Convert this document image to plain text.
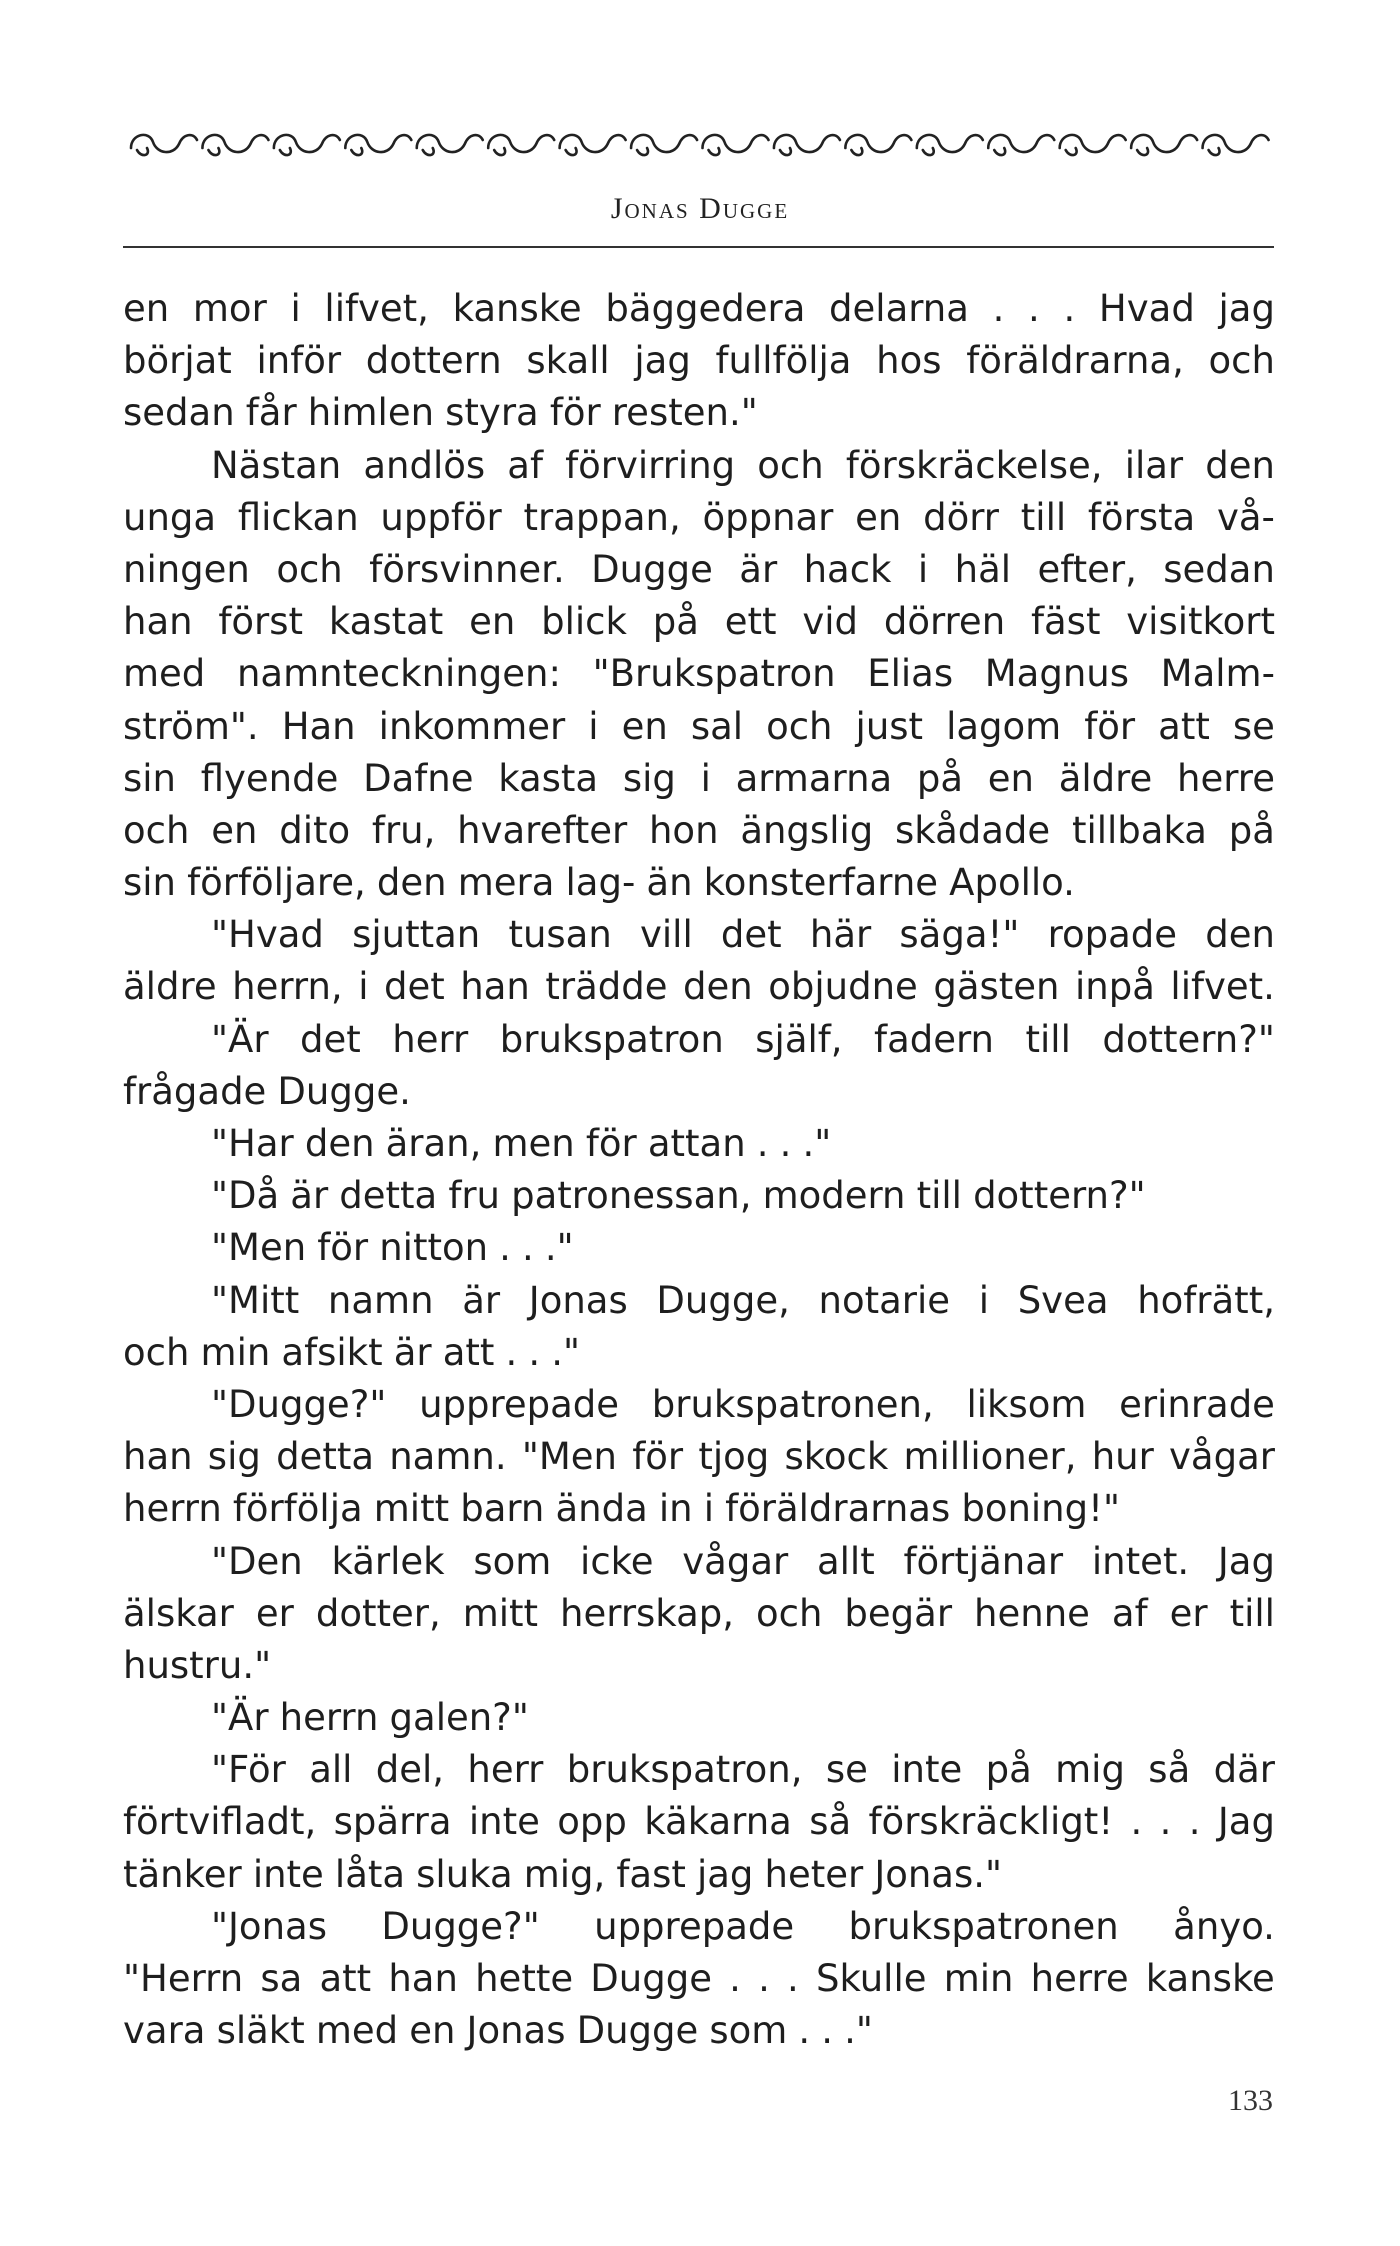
Jonas Dugge
en mor i lifvet, kanske bäggedera delarna . . . Hvad jag
börjat inför dottern skall jag fullfölja hos föräldrarna, och
sedan får himlen styra för resten."
Nästan andlös af förvirring och förskräckelse, ilar den
unga flickan uppför trappan, öppnar en dörr till första vå-
ningen och försvinner. Dugge är hack i häl efter, sedan
han först kastat en blick på ett vid dörren fäst visitkort
med namnteckningen: "Brukspatron Elias Magnus Malm-
ström". Han inkommer i en sal och just lagom för att se
sin flyende Dafne kasta sig i armarna på en äldre herre
och en dito fru, hvarefter hon ängslig skådade tillbaka på
sin förföljare, den mera lag- än konsterfarne Apollo.
"Hvad sjuttan tusan vill det här säga!" ropade den
äldre herrn, i det han trädde den objudne gästen inpå lifvet.
"Är det herr brukspatron själf, fadern till dottern?"
frågade Dugge.
"Har den äran, men för attan . . ."
"Då är detta fru patronessan, modern till dottern?"
"Men för nitton . . ."
"Mitt namn är Jonas Dugge, notarie i Svea hofrätt,
och min afsikt är att . . ."
"Dugge?" upprepade brukspatronen, liksom erinrade
han sig detta namn. "Men för tjog skock millioner, hur vågar
herrn förfölja mitt barn ända in i föräldrarnas boning!"
"Den kärlek som icke vågar allt förtjänar intet. Jag
älskar er dotter, mitt herrskap, och begär henne af er till
hustru."
"Är herrn galen?"
"För all del, herr brukspatron, se inte på mig så där
förtvifladt, spärra inte opp käkarna så förskräckligt! . . . Jag
tänker inte låta sluka mig, fast jag heter Jonas."
"Jonas Dugge?" upprepade brukspatronen ånyo.
"Herrn sa att han hette Dugge . . . Skulle min herre kanske
vara släkt med en Jonas Dugge som . . ."
133
